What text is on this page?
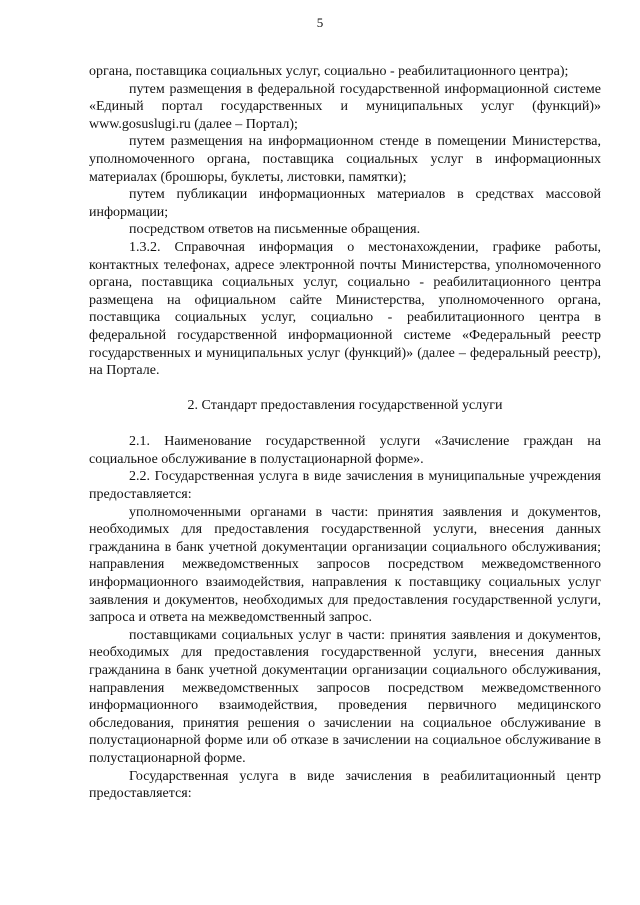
5

органа, поставщика социальных услуг, социально - реабилитационного центра);

путем размещения в федеральной государственной информационной системе «Единый портал государственных и муниципальных услуг (функций)» www.gosuslugi.ru (далее – Портал);

путем размещения на информационном стенде в помещении Министерства, уполномоченного органа, поставщика социальных услуг в информационных материалах (брошюры, буклеты, листовки, памятки);

путем публикации информационных материалов в средствах массовой информации;

посредством ответов на письменные обращения.

1.3.2. Справочная информация о местонахождении, графике работы, контактных телефонах, адресе электронной почты Министерства, уполномоченного органа, поставщика социальных услуг, социально - реабилитационного центра размещена на официальном сайте Министерства, уполномоченного органа, поставщика социальных услуг, социально - реабилитационного центра в федеральной государственной информационной системе «Федеральный реестр государственных и муниципальных услуг (функций)» (далее – федеральный реестр), на Портале.

2. Стандарт предоставления государственной услуги

2.1. Наименование государственной услуги «Зачисление граждан на социальное обслуживание в полустационарной форме».

2.2. Государственная услуга в виде зачисления в муниципальные учреждения предоставляется:

уполномоченными органами в части: принятия заявления и документов, необходимых для предоставления государственной услуги, внесения данных гражданина в банк учетной документации организации социального обслуживания; направления межведомственных запросов посредством межведомственного информационного взаимодействия, направления к поставщику социальных услуг заявления и документов, необходимых для предоставления государственной услуги, запроса и ответа на межведомственный запрос.

поставщиками социальных услуг в части: принятия заявления и документов, необходимых для предоставления государственной услуги, внесения данных гражданина в банк учетной документации организации социального обслуживания, направления межведомственных запросов посредством межведомственного информационного взаимодействия, проведения первичного медицинского обследования, принятия решения о зачислении на социальное обслуживание в полустационарной форме или об отказе в зачислении на социальное обслуживание в полустационарной форме.

Государственная услуга в виде зачисления в реабилитационный центр предоставляется:
